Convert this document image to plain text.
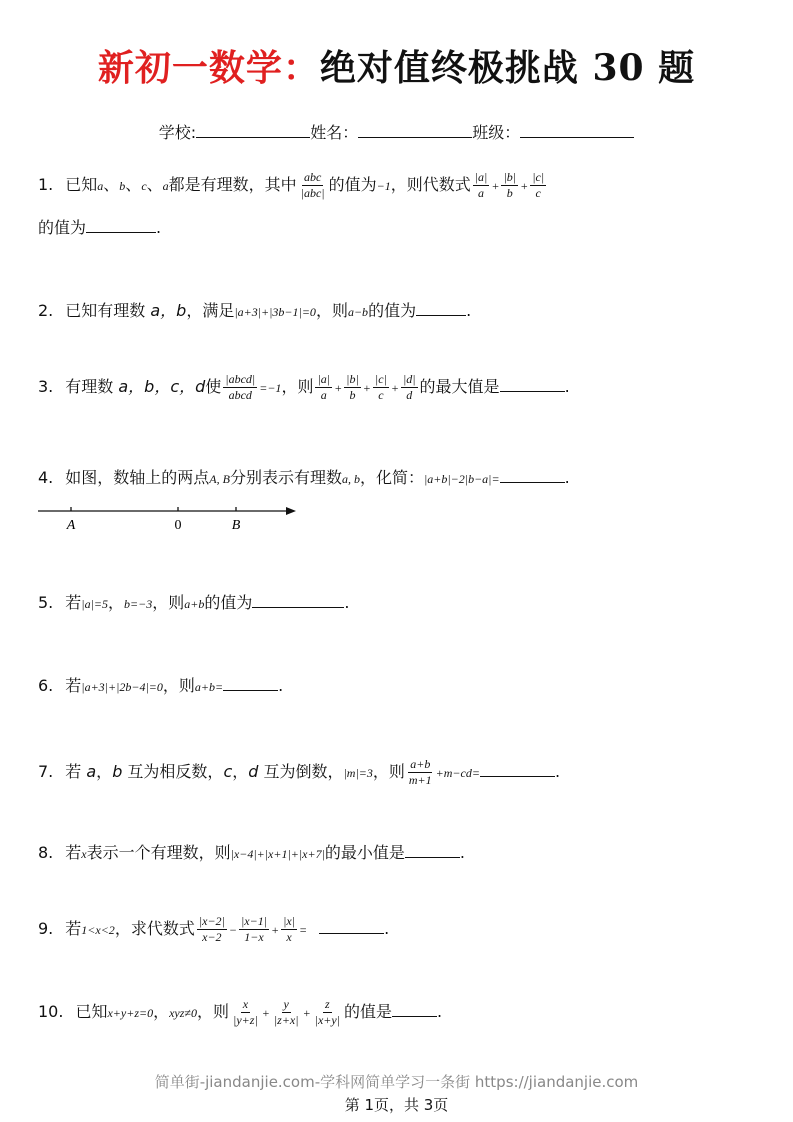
新初一数学：绝对值终极挑战 30 题
学校:	姓名：	班级：
1. 已知a、b、c、a都是有理数，其中 $\frac{\text{abc}}{\text{|abc|}}$ 的值为−1，则代数式 $\frac{|a|}{a} + \frac{|b|}{b} + \frac{|c|}{c}$
的值为	.
2. 已知有理数 a，b，满足|a+3|+|3b−1|=0，则a−b的值为	.
3. 有理数 a，b，c，d使 $\frac{\text{|abcd|}}{\text{abcd}} =-1$，则 $\frac{|a|}{a} + \frac{|b|}{b} + \frac{|c|}{c} + \frac{|d|}{d}$ 的最大值是	.
4. 如图，数轴上的两点A, B分别表示有理数a, b，化简：|a+b|−2|b−a|=	.
A	0	B
5. 若|a|=5，b=−3，则a+b的值为	.
6. 若|a+3|+|2b−4|=0，则a+b=	.
7. 若 a，b 互为相反数，c，d 互为倒数，|m|=3，则 $\frac{a+b}{m+1} +m-cd=$	.
8. 若x表示一个有理数，则|x−4|+|x+1|+|x+7|的最小值是	.
9. 若1<x<2，求代数式 $\frac{|x-2|}{x-2} - \frac{|x-1|}{1-x} + \frac{|x|}{x}$ =	.
10. 已知x+y+z=0，xyz≠0，则 $\frac{x}{|y+z|} + \frac{y}{|z+x|} + \frac{z}{|x+y|}$ 的值是	.
简单街-jiandanjie.com-学科网简单学习一条街 https://jiandanjie.com
第 1页，共 3页
